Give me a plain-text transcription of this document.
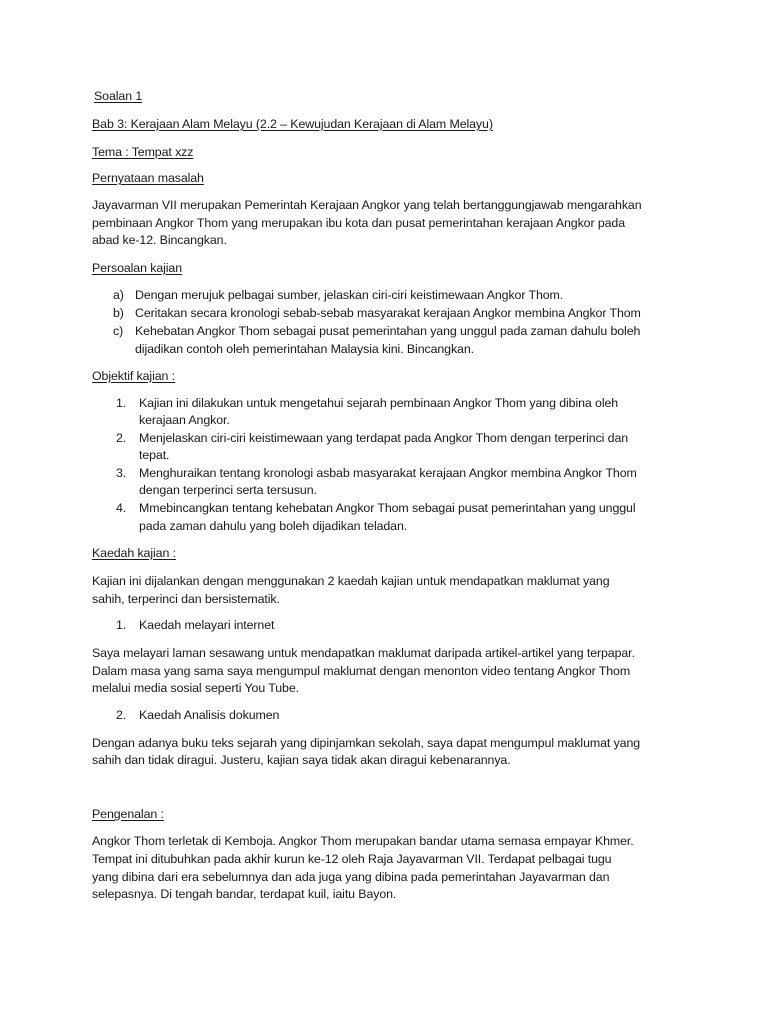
Soalan 1
Bab 3: Kerajaan Alam Melayu (2.2 – Kewujudan Kerajaan di Alam Melayu)
Tema : Tempat xzz
Pernyataan masalah
Jayavarman VII merupakan Pemerintah Kerajaan Angkor yang telah bertanggungjawab mengarahkan
pembinaan Angkor Thom yang merupakan ibu kota dan pusat pemerintahan kerajaan Angkor pada
abad ke-12. Bincangkan.
Persoalan kajian
a) Dengan merujuk pelbagai sumber, jelaskan ciri-ciri keistimewaan Angkor Thom.
b) Ceritakan secara kronologi sebab-sebab masyarakat kerajaan Angkor membina Angkor Thom
c) Kehebatan Angkor Thom sebagai pusat pemerintahan yang unggul pada zaman dahulu boleh
dijadikan contoh oleh pemerintahan Malaysia kini. Bincangkan.
Objektif kajian :
1. Kajian ini dilakukan untuk mengetahui sejarah pembinaan Angkor Thom yang dibina oleh
kerajaan Angkor.
2. Menjelaskan ciri-ciri keistimewaan yang terdapat pada Angkor Thom dengan terperinci dan
tepat.
3. Menghuraikan tentang kronologi asbab masyarakat kerajaan Angkor membina Angkor Thom
dengan terperinci serta tersusun.
4. Mmebincangkan tentang kehebatan Angkor Thom sebagai pusat pemerintahan yang unggul
pada zaman dahulu yang boleh dijadikan teladan.
Kaedah kajian :
Kajian ini dijalankan dengan menggunakan 2 kaedah kajian untuk mendapatkan maklumat yang
sahih, terperinci dan bersistematik.
1. Kaedah melayari internet
Saya melayari laman sesawang untuk mendapatkan maklumat daripada artikel-artikel yang terpapar.
Dalam masa yang sama saya mengumpul maklumat dengan menonton video tentang Angkor Thom
melalui media sosial seperti You Tube.
2. Kaedah Analisis dokumen
Dengan adanya buku teks sejarah yang dipinjamkan sekolah, saya dapat mengumpul maklumat yang
sahih dan tidak diragui. Justeru, kajian saya tidak akan diragui kebenarannya.
Pengenalan :
Angkor Thom terletak di Kemboja. Angkor Thom merupakan bandar utama semasa empayar Khmer.
Tempat ini ditubuhkan pada akhir kurun ke-12 oleh Raja Jayavarman VII. Terdapat pelbagai tugu
yang dibina dari era sebelumnya dan ada juga yang dibina pada pemerintahan Jayavarman dan
selepasnya. Di tengah bandar, terdapat kuil, iaitu Bayon.
